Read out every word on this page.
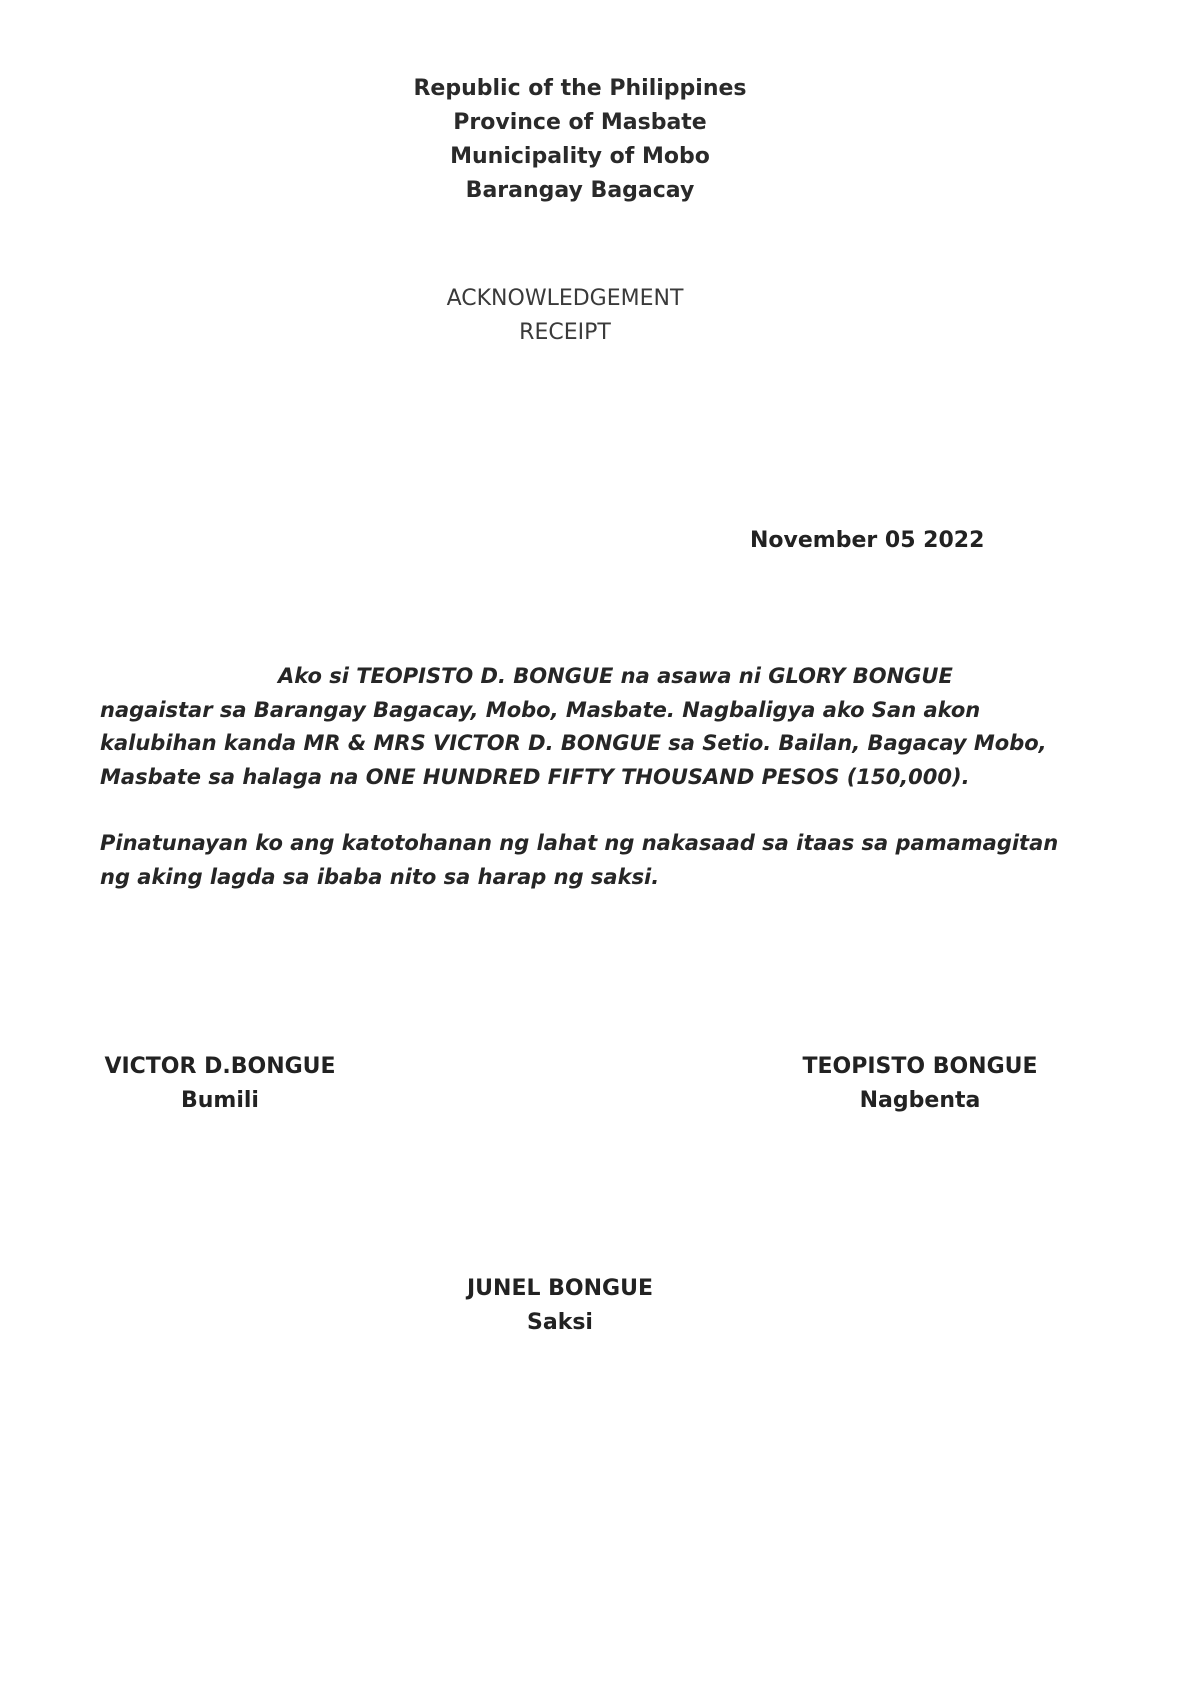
Republic of the Philippines
Province of Masbate
Municipality of Mobo
Barangay Bagacay
ACKNOWLEDGEMENT
RECEIPT
November 05 2022

Ako si TEOPISTO D. BONGUE na asawa ni GLORY BONGUE nagaistar sa Barangay Bagacay, Mobo, Masbate. Nagbaligya ako San akon kalubihan kanda MR & MRS VICTOR D. BONGUE sa Setio. Bailan, Bagacay Mobo, Masbate sa halaga na ONE HUNDRED FIFTY THOUSAND PESOS (150,000).

Pinatunayan ko ang katotohanan ng lahat ng nakasaad sa itaas sa pamamagitan ng aking lagda sa ibaba nito sa harap ng saksi.

VICTOR D.BONGUE
Bumili
TEOPISTO BONGUE
Nagbenta
JUNEL BONGUE
Saksi
